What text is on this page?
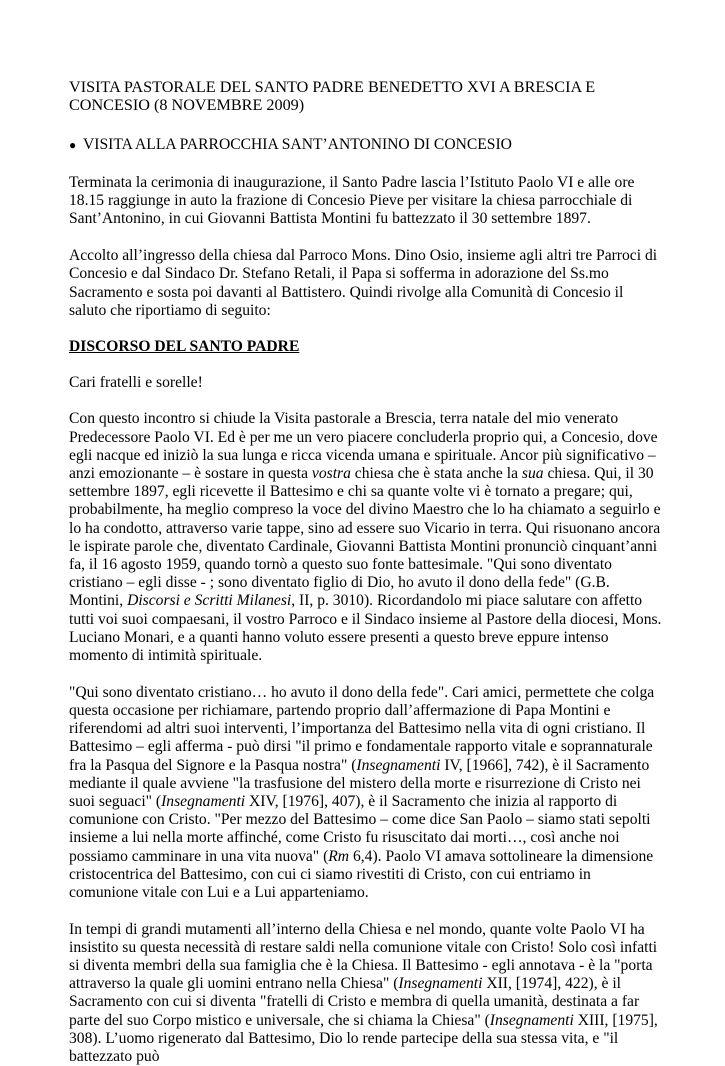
VISITA PASTORALE DEL SANTO PADRE BENEDETTO XVI A BRESCIA E CONCESIO (8 NOVEMBRE 2009)
● VISITA ALLA PARROCCHIA SANT’ANTONINO DI CONCESIO

Terminata la cerimonia di inaugurazione, il Santo Padre lascia l’Istituto Paolo VI e alle ore 18.15 raggiunge in auto la frazione di Concesio Pieve per visitare la chiesa parrocchiale di Sant’Antonino, in cui Giovanni Battista Montini fu battezzato il 30 settembre 1897.

Accolto all’ingresso della chiesa dal Parroco Mons. Dino Osio, insieme agli altri tre Parroci di Concesio e dal Sindaco Dr. Stefano Retali, il Papa si sofferma in adorazione del Ss.mo Sacramento e sosta poi davanti al Battistero. Quindi rivolge alla Comunità di Concesio il saluto che riportiamo di seguito:

DISCORSO DEL SANTO PADRE

Cari fratelli e sorelle!

Con questo incontro si chiude la Visita pastorale a Brescia, terra natale del mio venerato Predecessore Paolo VI. Ed è per me un vero piacere concluderla proprio qui, a Concesio, dove egli nacque ed iniziò la sua lunga e ricca vicenda umana e spirituale. Ancor più significativo – anzi emozionante – è sostare in questa vostra chiesa che è stata anche la sua chiesa. Qui, il 30 settembre 1897, egli ricevette il Battesimo e chi sa quante volte vi è tornato a pregare; qui, probabilmente, ha meglio compreso la voce del divino Maestro che lo ha chiamato a seguirlo e lo ha condotto, attraverso varie tappe, sino ad essere suo Vicario in terra. Qui risuonano ancora le ispirate parole che, diventato Cardinale, Giovanni Battista Montini pronunciò cinquant’anni fa, il 16 agosto 1959, quando tornò a questo suo fonte battesimale. "Qui sono diventato cristiano – egli disse - ; sono diventato figlio di Dio, ho avuto il dono della fede" (G.B. Montini, Discorsi e Scritti Milanesi, II, p. 3010). Ricordandolo mi piace salutare con affetto tutti voi suoi compaesani, il vostro Parroco e il Sindaco insieme al Pastore della diocesi, Mons. Luciano Monari, e a quanti hanno voluto essere presenti a questo breve eppure intenso momento di intimità spirituale.

"Qui sono diventato cristiano… ho avuto il dono della fede". Cari amici, permettete che colga questa occasione per richiamare, partendo proprio dall’affermazione di Papa Montini e riferendomi ad altri suoi interventi, l’importanza del Battesimo nella vita di ogni cristiano. Il Battesimo – egli afferma - può dirsi "il primo e fondamentale rapporto vitale e soprannaturale fra la Pasqua del Signore e la Pasqua nostra" (Insegnamenti IV, [1966], 742), è il Sacramento mediante il quale avviene "la trasfusione del mistero della morte e risurrezione di Cristo nei suoi seguaci" (Insegnamenti XIV, [1976], 407), è il Sacramento che inizia al rapporto di comunione con Cristo. "Per mezzo del Battesimo – come dice San Paolo – siamo stati sepolti insieme a lui nella morte affinché, come Cristo fu risuscitato dai morti…, così anche noi possiamo camminare in una vita nuova" (Rm 6,4). Paolo VI amava sottolineare la dimensione cristocentrica del Battesimo, con cui ci siamo rivestiti di Cristo, con cui entriamo in comunione vitale con Lui e a Lui apparteniamo.

In tempi di grandi mutamenti all’interno della Chiesa e nel mondo, quante volte Paolo VI ha insistito su questa necessità di restare saldi nella comunione vitale con Cristo! Solo così infatti si diventa membri della sua famiglia che è la Chiesa. Il Battesimo - egli annotava - è la "porta attraverso la quale gli uomini entrano nella Chiesa" (Insegnamenti XII, [1974], 422), è il Sacramento con cui si diventa "fratelli di Cristo e membra di quella umanità, destinata a far parte del suo Corpo mistico e universale, che si chiama la Chiesa" (Insegnamenti XIII, [1975], 308). L’uomo rigenerato dal Battesimo, Dio lo rende partecipe della sua stessa vita, e "il battezzato può
